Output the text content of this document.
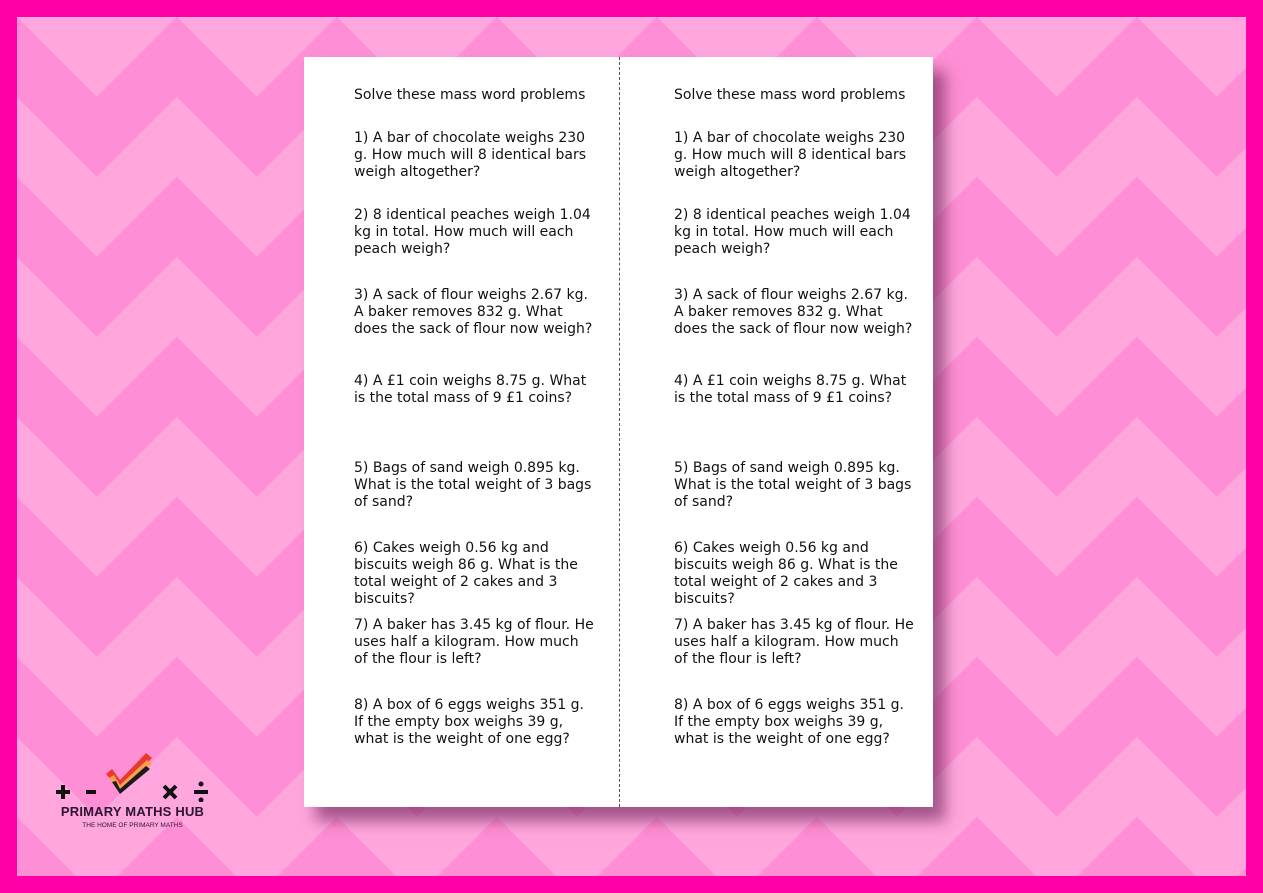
Solve these mass word problems

1) A bar of chocolate weighs 230 g. How much will 8 identical bars weigh altogether?

2) 8 identical peaches weigh 1.04 kg in total. How much will each peach weigh?

3) A sack of flour weighs 2.67 kg. A baker removes 832 g. What does the sack of flour now weigh?

4) A £1 coin weighs 8.75 g. What is the total mass of 9 £1 coins?

5) Bags of sand weigh 0.895 kg. What is the total weight of 3 bags of sand?

6) Cakes weigh 0.56 kg and biscuits weigh 86 g. What is the total weight of 2 cakes and 3 biscuits?

7) A baker has 3.45 kg of flour. He uses half a kilogram. How much of the flour is left?

8) A box of 6 eggs weighs 351 g. If the empty box weighs 39 g, what is the weight of one egg?

Solve these mass word problems

1) A bar of chocolate weighs 230 g. How much will 8 identical bars weigh altogether?

2) 8 identical peaches weigh 1.04 kg in total. How much will each peach weigh?

3) A sack of flour weighs 2.67 kg. A baker removes 832 g. What does the sack of flour now weigh?

4) A £1 coin weighs 8.75 g. What is the total mass of 9 £1 coins?

5) Bags of sand weigh 0.895 kg. What is the total weight of 3 bags of sand?

6) Cakes weigh 0.56 kg and biscuits weigh 86 g. What is the total weight of 2 cakes and 3 biscuits?

7) A baker has 3.45 kg of flour. He uses half a kilogram. How much of the flour is left?

8) A box of 6 eggs weighs 351 g. If the empty box weighs 39 g, what is the weight of one egg?

PRIMARY MATHS HUB
THE HOME OF PRIMARY MATHS
